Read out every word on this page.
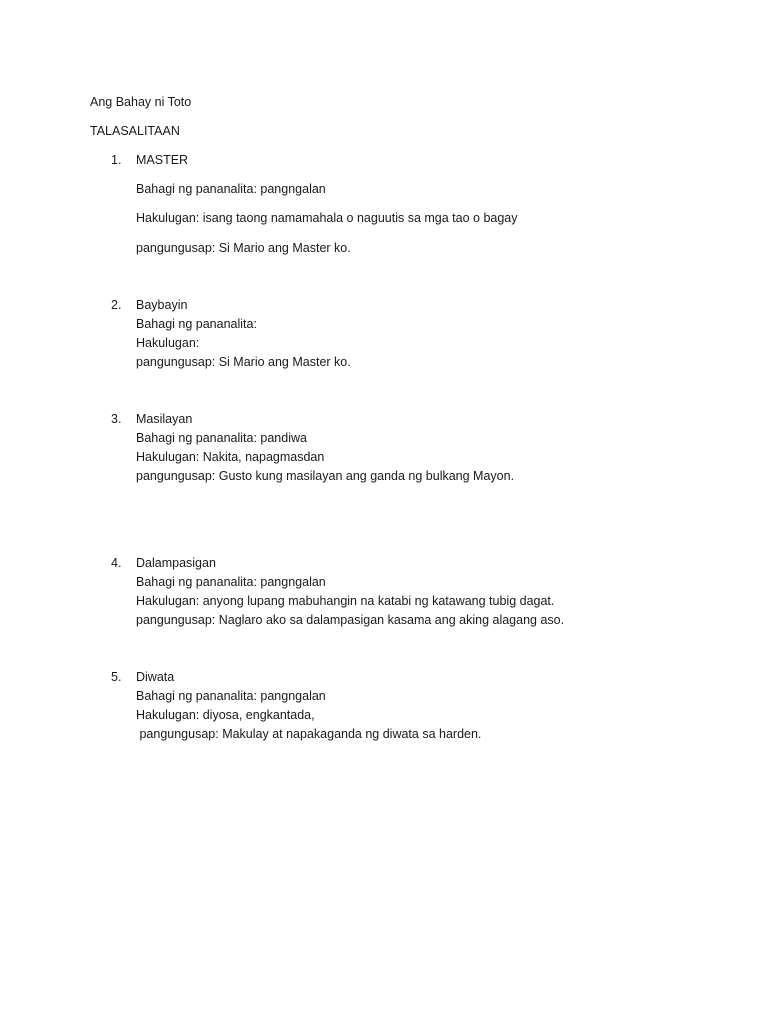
Ang Bahay ni Toto
TALASALITAAN
1. MASTER
Bahagi ng pananalita: pangngalan
Hakulugan: isang taong namamahala o naguutis sa mga tao o bagay
pangungusap: Si Mario ang Master ko.
2. Baybayin
Bahagi ng pananalita:
Hakulugan:
pangungusap: Si Mario ang Master ko.
3. Masilayan
Bahagi ng pananalita: pandiwa
Hakulugan: Nakita, napagmasdan
pangungusap: Gusto kung masilayan ang ganda ng bulkang Mayon.
4. Dalampasigan
Bahagi ng pananalita: pangngalan
Hakulugan: anyong lupang mabuhangin na katabi ng katawang tubig dagat.
pangungusap: Naglaro ako sa dalampasigan kasama ang aking alagang aso.
5. Diwata
Bahagi ng pananalita: pangngalan
Hakulugan: diyosa, engkantada,
pangungusap: Makulay at napakaganda ng diwata sa harden.
